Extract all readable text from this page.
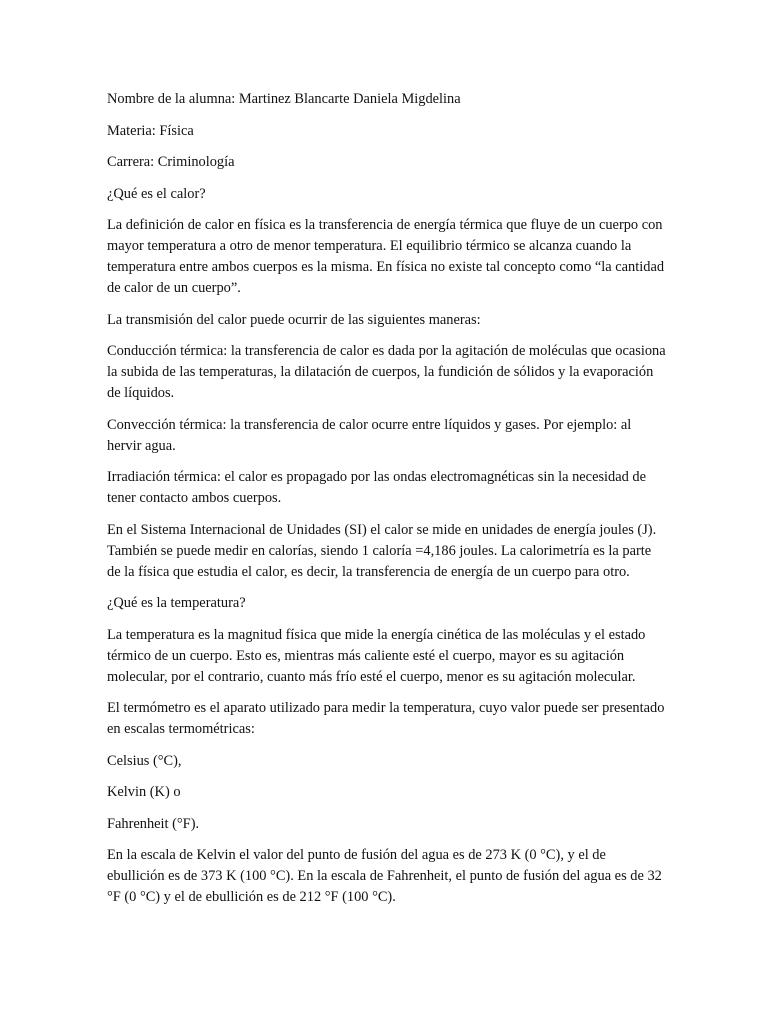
Nombre de la alumna: Martinez Blancarte Daniela Migdelina

Materia: Física

Carrera: Criminología

¿Qué es el calor?

La definición de calor en física es la transferencia de energía térmica que fluye de un cuerpo con mayor temperatura a otro de menor temperatura. El equilibrio térmico se alcanza cuando la temperatura entre ambos cuerpos es la misma. En física no existe tal concepto como “la cantidad de calor de un cuerpo”.

La transmisión del calor puede ocurrir de las siguientes maneras:

Conducción térmica: la transferencia de calor es dada por la agitación de moléculas que ocasiona la subida de las temperaturas, la dilatación de cuerpos, la fundición de sólidos y la evaporación de líquidos.

Convección térmica: la transferencia de calor ocurre entre líquidos y gases. Por ejemplo: al hervir agua.

Irradiación térmica: el calor es propagado por las ondas electromagnéticas sin la necesidad de tener contacto ambos cuerpos.

En el Sistema Internacional de Unidades (SI) el calor se mide en unidades de energía joules (J). También se puede medir en calorías, siendo 1 caloría =4,186 joules. La calorimetría es la parte de la física que estudia el calor, es decir, la transferencia de energía de un cuerpo para otro.

¿Qué es la temperatura?

La temperatura es la magnitud física que mide la energía cinética de las moléculas y el estado térmico de un cuerpo. Esto es, mientras más caliente esté el cuerpo, mayor es su agitación molecular, por el contrario, cuanto más frío esté el cuerpo, menor es su agitación molecular.

El termómetro es el aparato utilizado para medir la temperatura, cuyo valor puede ser presentado en escalas termométricas:

Celsius (°C),

Kelvin (K) o

Fahrenheit (°F).

En la escala de Kelvin el valor del punto de fusión del agua es de 273 K (0 °C), y el de ebullición es de 373 K (100 °C). En la escala de Fahrenheit, el punto de fusión del agua es de 32 °F (0 °C) y el de ebullición es de 212 °F (100 °C).
